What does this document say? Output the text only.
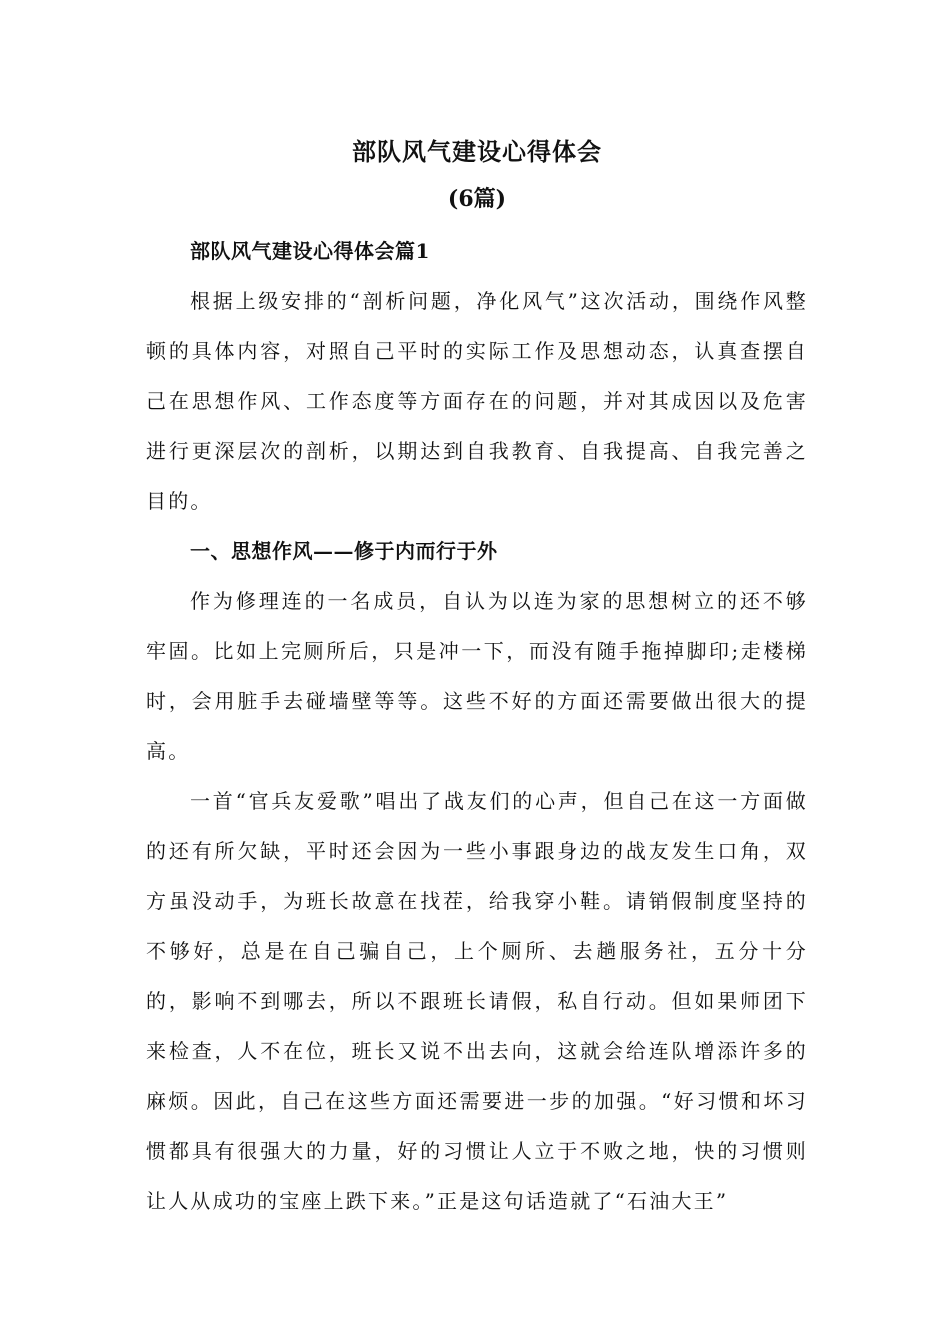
部队风气建设心得体会
(6篇)
部队风气建设心得体会篇1

根据上级安排的“剖析问题，净化风气”这次活动，围绕作风整顿的具体内容，对照自己平时的实际工作及思想动态，认真查摆自己在思想作风、工作态度等方面存在的问题，并对其成因以及危害进行更深层次的剖析，以期达到自我教育、自我提高、自我完善之目的。

一、思想作风——修于内而行于外

作为修理连的一名成员，自认为以连为家的思想树立的还不够牢固。比如上完厕所后，只是冲一下，而没有随手拖掉脚印;走楼梯时，会用脏手去碰墙壁等等。这些不好的方面还需要做出很大的提高。

一首“官兵友爱歌”唱出了战友们的心声，但自己在这一方面做的还有所欠缺，平时还会因为一些小事跟身边的战友发生口角，双方虽没动手，为班长故意在找茬，给我穿小鞋。请销假制度坚持的不够好，总是在自己骗自己，上个厕所、去趟服务社，五分十分的，影响不到哪去，所以不跟班长请假，私自行动。但如果师团下来检查，人不在位，班长又说不出去向，这就会给连队增添许多的麻烦。因此，自己在这些方面还需要进一步的加强。“好习惯和坏习惯都具有很强大的力量，好的习惯让人立于不败之地，快的习惯则让人从成功的宝座上跌下来。”正是这句话造就了“石油大王”
